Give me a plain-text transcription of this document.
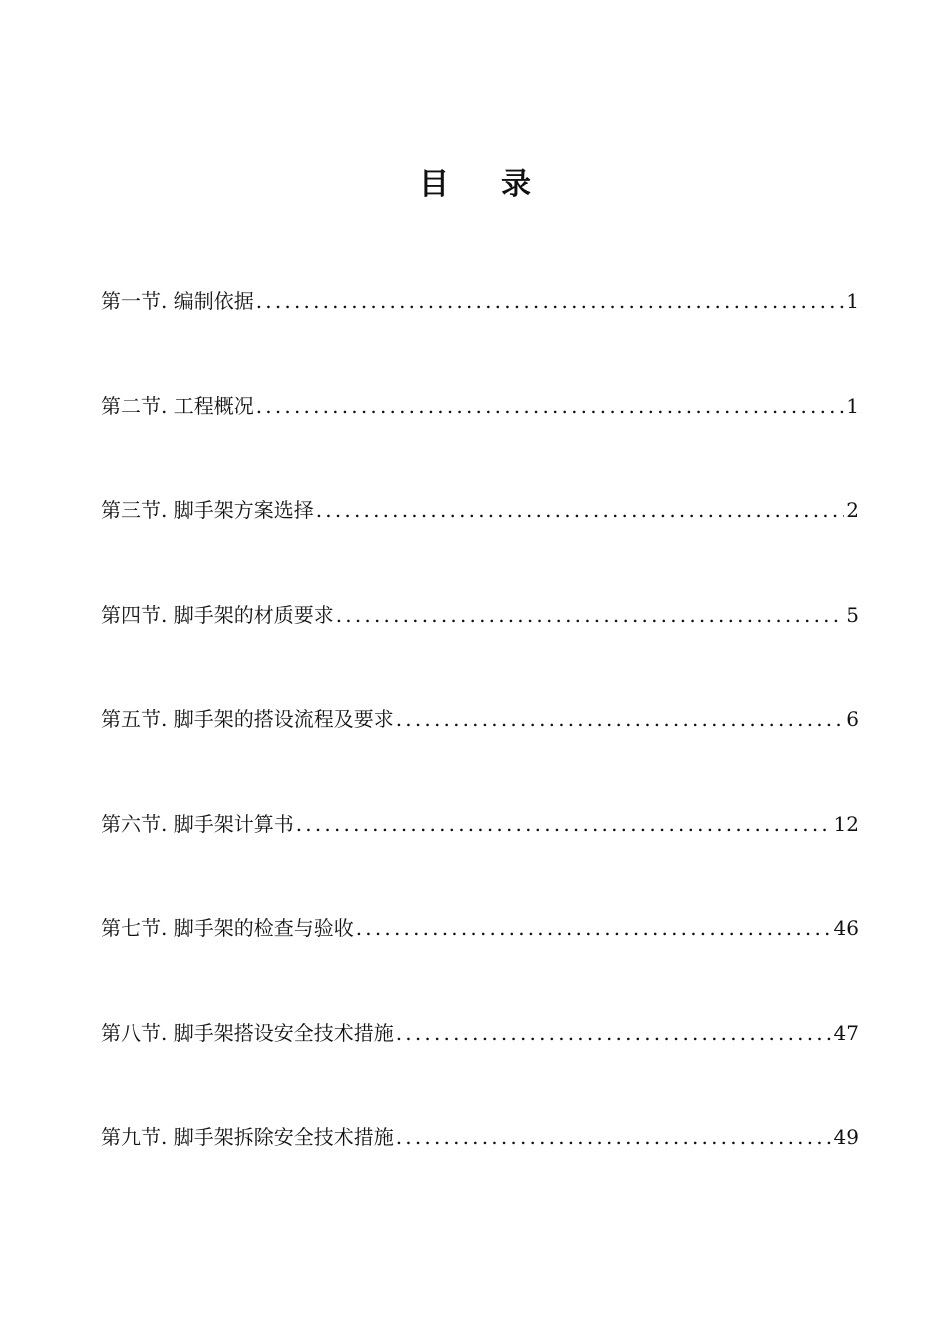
目 录
第一节. 编制依据 .....	1
第二节. 工程概况 .....	1
第三节. 脚手架方案选择 .....	2
第四节. 脚手架的材质要求 .....	5
第五节. 脚手架的搭设流程及要求 .....	6
第六节. 脚手架计算书 .....	12
第七节. 脚手架的检查与验收 .....	46
第八节. 脚手架搭设安全技术措施 .....	47
第九节. 脚手架拆除安全技术措施 .....	49
